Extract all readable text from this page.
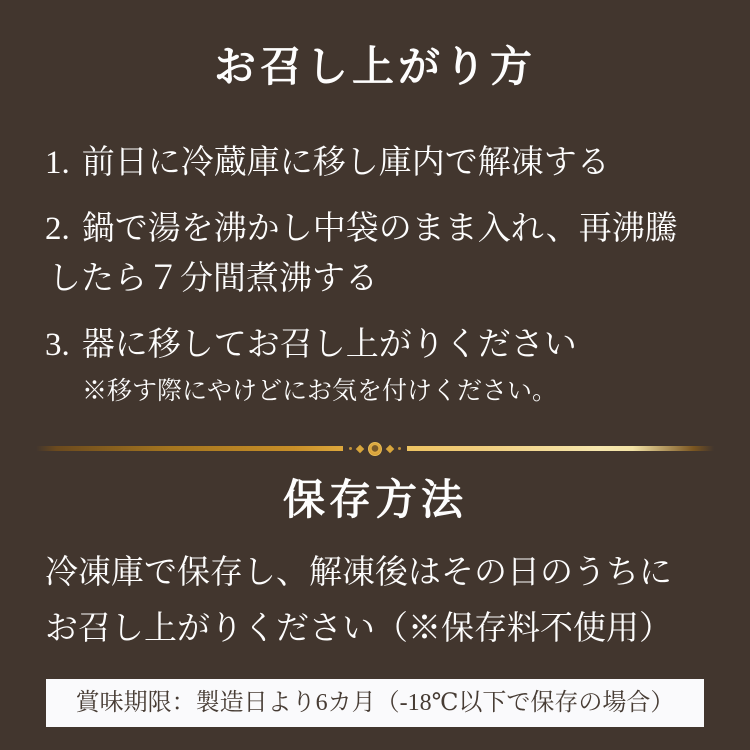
お召し上がり方
1. 前日に冷蔵庫に移し庫内で解凍する
2. 鍋で湯を沸かし中袋のまま入れ、再沸騰
したら７分間煮沸する
3. 器に移してお召し上がりください
※移す際にやけどにお気を付けください。
保存方法
冷凍庫で保存し、解凍後はその日のうちに
お召し上がりください（※保存料不使用）
賞味期限：製造日より6カ月（-18℃以下で保存の場合）
